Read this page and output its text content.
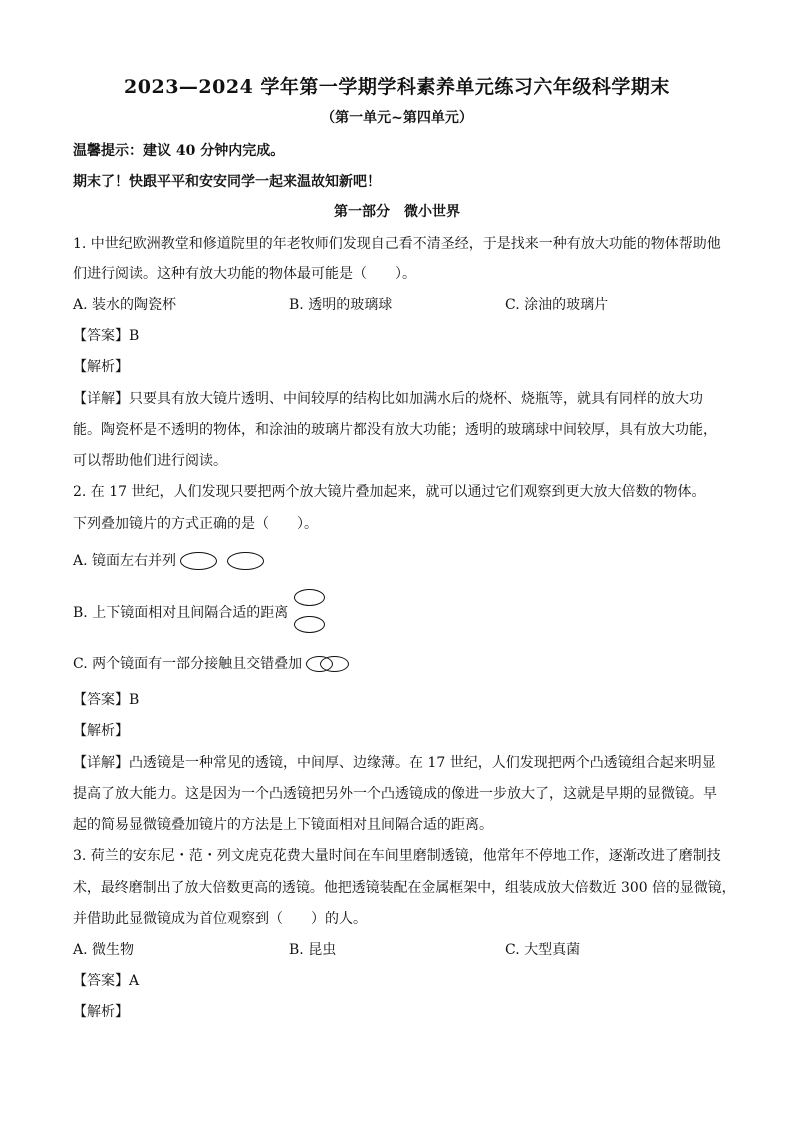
2023—2024 学年第一学期学科素养单元练习六年级科学期末
（第一单元~第四单元）
温馨提示：建议 40 分钟内完成。
期末了！快跟平平和安安同学一起来温故知新吧！
第一部分　微小世界
1. 中世纪欧洲教堂和修道院里的年老牧师们发现自己看不清圣经，于是找来一种有放大功能的物体帮助他
们进行阅读。这种有放大功能的物体最可能是（　　）。
A. 装水的陶瓷杯	B. 透明的玻璃球	C. 涂油的玻璃片
【答案】B
【解析】
【详解】只要具有放大镜片透明、中间较厚的结构比如加满水后的烧杯、烧瓶等，就具有同样的放大功
能。陶瓷杯是不透明的物体，和涂油的玻璃片都没有放大功能；透明的玻璃球中间较厚，具有放大功能，
可以帮助他们进行阅读。
2. 在 17 世纪，人们发现只要把两个放大镜片叠加起来，就可以通过它们观察到更大放大倍数的物体。
下列叠加镜片的方式正确的是（　　）。
A. 镜面左右并列
B. 上下镜面相对且间隔合适的距离
C. 两个镜面有一部分接触且交错叠加
【答案】B
【解析】
【详解】凸透镜是一种常见的透镜，中间厚、边缘薄。在 17 世纪，人们发现把两个凸透镜组合起来明显
提高了放大能力。这是因为一个凸透镜把另外一个凸透镜成的像进一步放大了，这就是早期的显微镜。早
起的简易显微镜叠加镜片的方法是上下镜面相对且间隔合适的距离。
3. 荷兰的安东尼・范・列文虎克花费大量时间在车间里磨制透镜，他常年不停地工作，逐渐改进了磨制技
术，最终磨制出了放大倍数更高的透镜。他把透镜装配在金属框架中，组装成放大倍数近 300 倍的显微镜，
并借助此显微镜成为首位观察到（　　）的人。
A. 微生物	B. 昆虫	C. 大型真菌
【答案】A
【解析】
